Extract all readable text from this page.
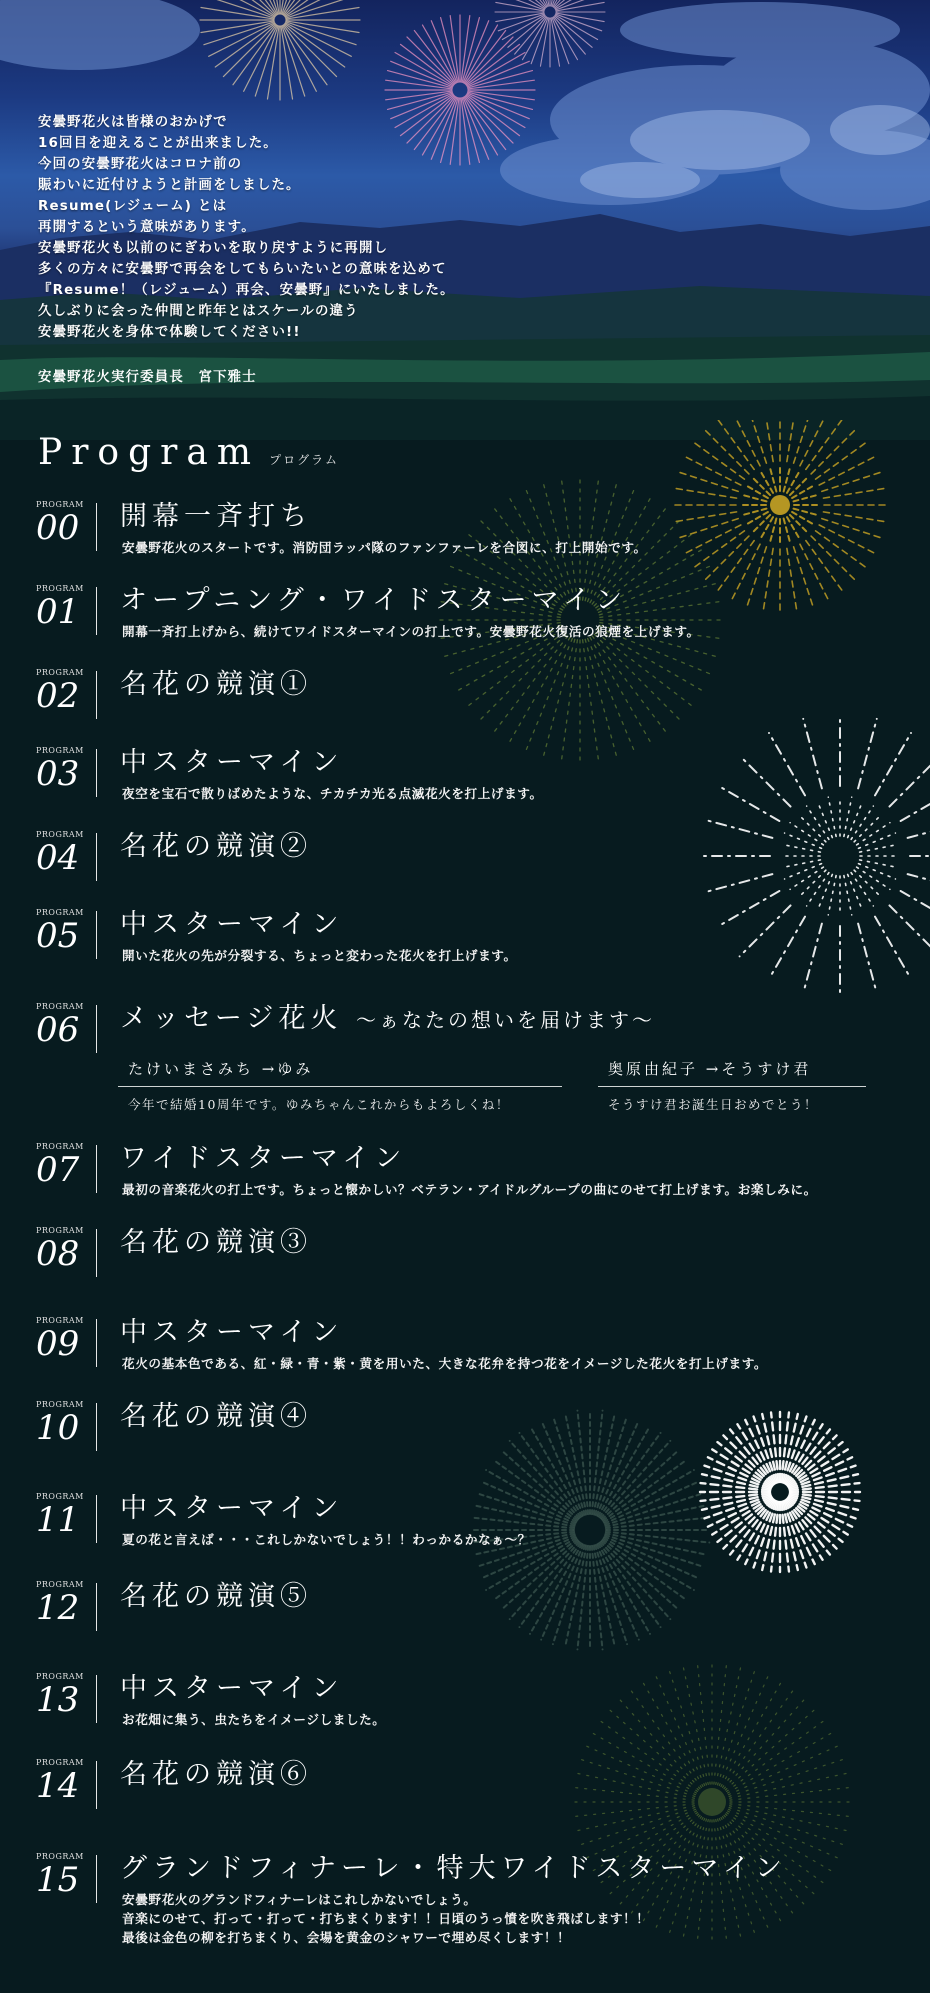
安曇野花火は皆様のおかげで

16回目を迎えることが出来ました。

今回の安曇野花火はコロナ前の

賑わいに近付けようと計画をしました。

Resume(レジューム) とは

再開するという意味があります。

安曇野花火も以前のにぎわいを取り戻すように再開し

多くの方々に安曇野で再会をしてもらいたいとの意味を込めて

『Resume！（レジューム）再会、安曇野』にいたしました。

久しぶりに会った仲間と昨年とはスケールの違う

安曇野花火を身体で体験してください!!

安曇野花火実行委員長　宮下雅士
Program プログラム
PROGRAM
00	開幕一斉打ち

安曇野花火のスタートです。消防団ラッパ隊のファンファーレを合図に、打上開始です。

PROGRAM
01	オープニング・ワイドスターマイン

開幕一斉打上げから、続けてワイドスターマインの打上です。安曇野花火復活の狼煙を上げます。

PROGRAM
02	名花の競演①
PROGRAM
03	中スターマイン

夜空を宝石で散りばめたような、チカチカ光る点滅花火を打上げます。

PROGRAM
04	名花の競演②
PROGRAM
05	中スターマイン

開いた花火の先が分裂する、ちょっと変わった花火を打上げます。

PROGRAM
06	メッセージ花火 〜ぁなたの想いを届けます〜
PROGRAM
07	ワイドスターマイン

最初の音楽花火の打上です。ちょっと懐かしい？ベテラン・アイドルグループの曲にのせて打上げます。お楽しみに。

PROGRAM
08	名花の競演③
PROGRAM
09	中スターマイン

花火の基本色である、紅・緑・青・紫・黄を用いた、大きな花弁を持つ花をイメージした花火を打上げます。

PROGRAM
10	名花の競演④
PROGRAM
11	中スターマイン

夏の花と言えば・・・これしかないでしょう！！わっかるかなぁ〜？

PROGRAM
12	名花の競演⑤
PROGRAM
13	中スターマイン

お花畑に集う、虫たちをイメージしました。

PROGRAM
14	名花の競演⑥
PROGRAM
15	グランドフィナーレ・特大ワイドスターマイン

安曇野花火のグランドフィナーレはこれしかないでしょう。

音楽にのせて、打って・打って・打ちまくります！！日頃のうっ憤を吹き飛ばします！！

最後は金色の柳を打ちまくり、会場を黄金のシャワーで埋め尽くします！！

たけいまさみち →ゆみ
今年で結婚10周年です。ゆみちゃんこれからもよろしくね！
奥原由紀子 →そうすけ君
そうすけ君お誕生日おめでとう！
